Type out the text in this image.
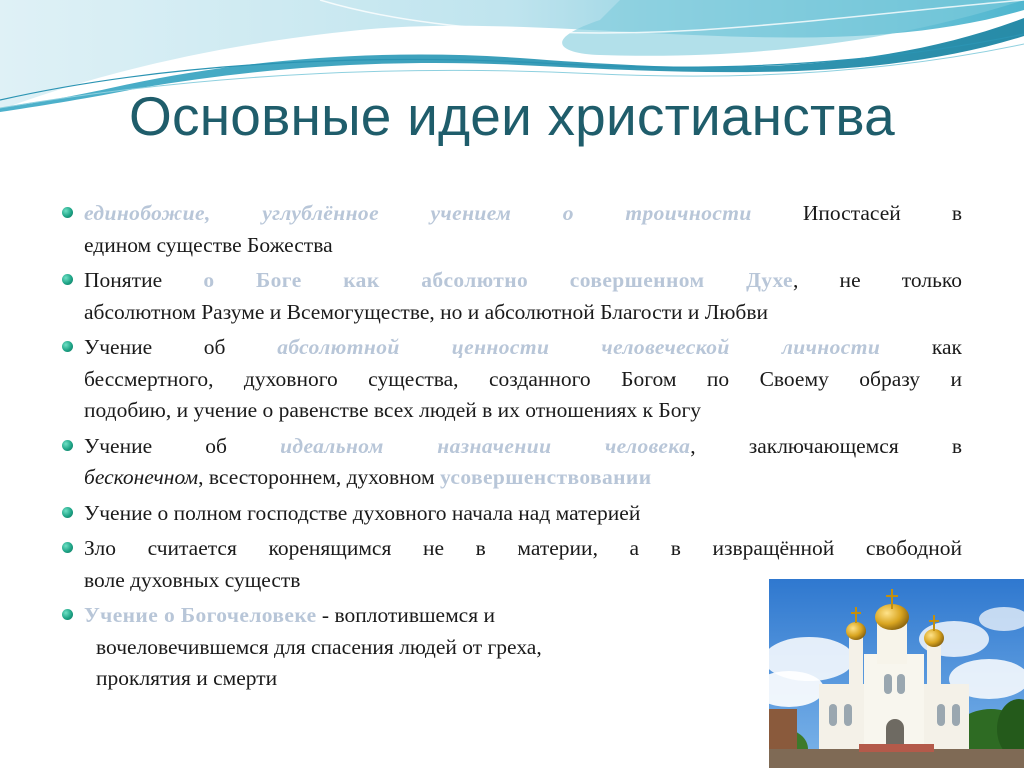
Основные идеи христианства
единобожие, углублённое учением о троичности Ипостасей в
едином существе Божества
Понятие о Боге как абсолютно совершенном Духе, не только
абсолютном Разуме и Всемогуществе, но и абсолютной Благости и Любви
Учение об абсолютной ценности человеческой личности как
бессмертного, духовного существа, созданного Богом по Своему образу и
подобию, и учение о равенстве всех людей в их отношениях к Богу
Учение об идеальном назначении человека, заключающемся в
бесконечном, всестороннем, духовном усовершенствовании
Учение о полном господстве духовного начала над материей
Зло считается коренящимся не в материи, а в извращённой свободной
воле духовных существ
Учение о Богочеловеке - воплотившемся и
вочеловечившемся для спасения людей от греха,
проклятия и смерти
